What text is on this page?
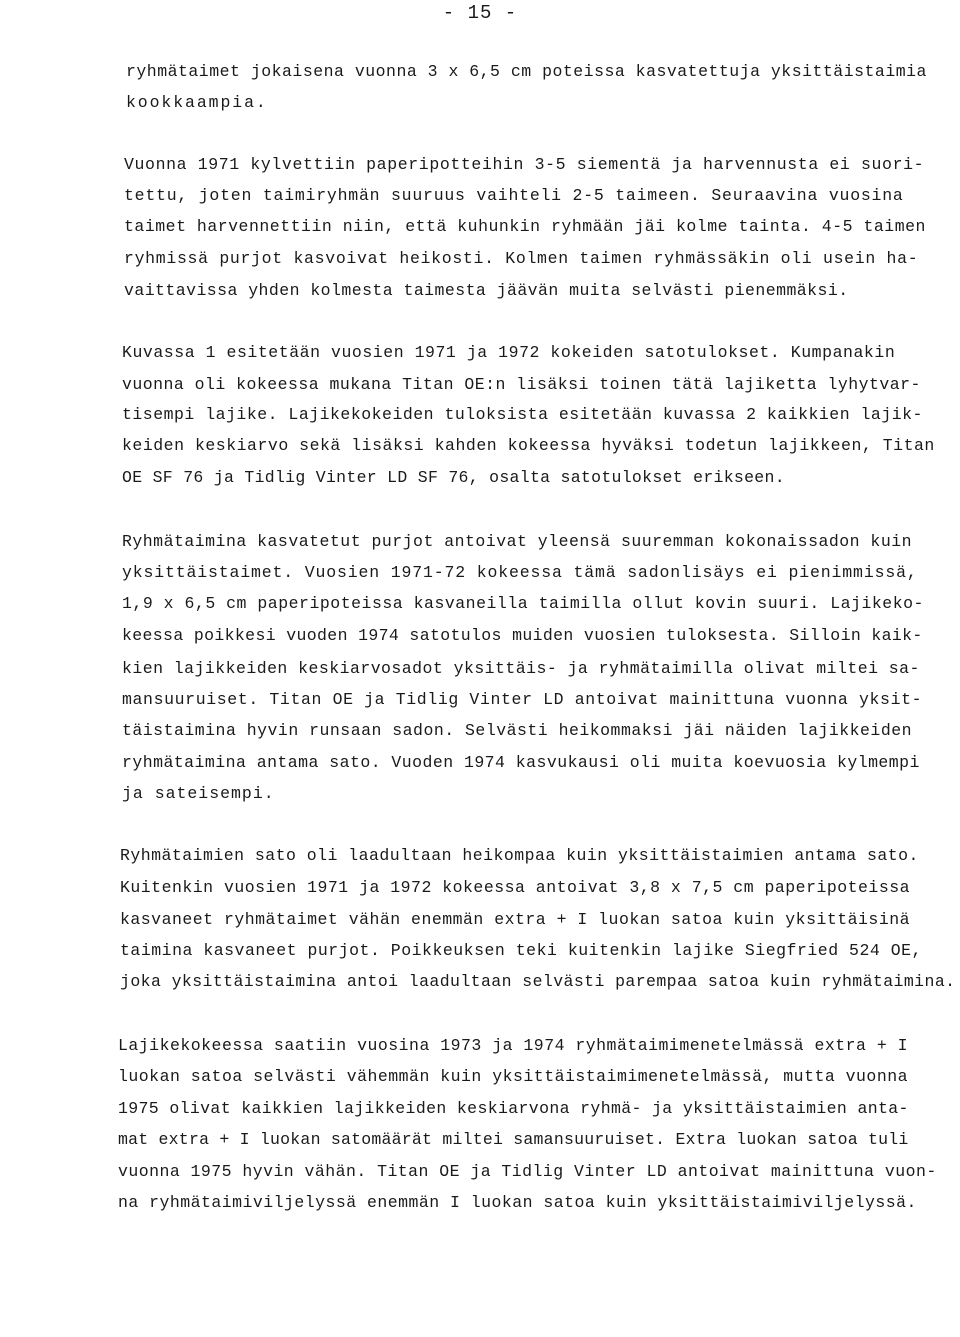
- 15 -
ryhmätaimet jokaisena vuonna 3 x 6,5 cm poteissa kasvatettuja yksittäistaimia
kookkaampia.
Vuonna 1971 kylvettiin paperipotteihin 3-5 siementä ja harvennusta ei suori-
tettu, joten taimiryhmän suuruus vaihteli 2-5 taimeen. Seuraavina vuosina
taimet harvennettiin niin, että kuhunkin ryhmään jäi kolme tainta. 4-5 taimen
ryhmissä purjot kasvoivat heikosti. Kolmen taimen ryhmässäkin oli usein ha-
vaittavissa yhden kolmesta taimesta jäävän muita selvästi pienemmäksi.
Kuvassa 1 esitetään vuosien 1971 ja 1972 kokeiden satotulokset. Kumpanakin
vuonna oli kokeessa mukana Titan OE:n lisäksi toinen tätä lajiketta lyhytvar-
tisempi lajike. Lajikekokeiden tuloksista esitetään kuvassa 2 kaikkien lajik-
keiden keskiarvo sekä lisäksi kahden kokeessa hyväksi todetun lajikkeen, Titan
OE SF 76 ja Tidlig Vinter LD SF 76, osalta satotulokset erikseen.
Ryhmätaimina kasvatetut purjot antoivat yleensä suuremman kokonaissadon kuin
yksittäistaimet. Vuosien 1971-72 kokeessa tämä sadonlisäys ei pienimmissä,
1,9 x 6,5 cm paperipoteissa kasvaneilla taimilla ollut kovin suuri. Lajikeko-
keessa poikkesi vuoden 1974 satotulos muiden vuosien tuloksesta. Silloin kaik-
kien lajikkeiden keskiarvosadot yksittäis- ja ryhmätaimilla olivat miltei sa-
mansuuruiset. Titan OE ja Tidlig Vinter LD antoivat mainittuna vuonna yksit-
täistaimina hyvin runsaan sadon. Selvästi heikommaksi jäi näiden lajikkeiden
ryhmätaimina antama sato. Vuoden 1974 kasvukausi oli muita koevuosia kylmempi
ja sateisempi.
Ryhmätaimien sato oli laadultaan heikompaa kuin yksittäistaimien antama sato.
Kuitenkin vuosien 1971 ja 1972 kokeessa antoivat 3,8 x 7,5 cm paperipoteissa
kasvaneet ryhmätaimet vähän enemmän extra + I luokan satoa kuin yksittäisinä
taimina kasvaneet purjot. Poikkeuksen teki kuitenkin lajike Siegfried 524 OE,
joka yksittäistaimina antoi laadultaan selvästi parempaa satoa kuin ryhmätaimina.
Lajikekokeessa saatiin vuosina 1973 ja 1974 ryhmätaimimenetelmässä extra + I
luokan satoa selvästi vähemmän kuin yksittäistaimimenetelmässä, mutta vuonna
1975 olivat kaikkien lajikkeiden keskiarvona ryhmä- ja yksittäistaimien anta-
mat extra + I luokan satomäärät miltei samansuuruiset. Extra luokan satoa tuli
vuonna 1975 hyvin vähän. Titan OE ja Tidlig Vinter LD antoivat mainittuna vuon-
na ryhmätaimiviljelyssä enemmän I luokan satoa kuin yksittäistaimiviljelyssä.
